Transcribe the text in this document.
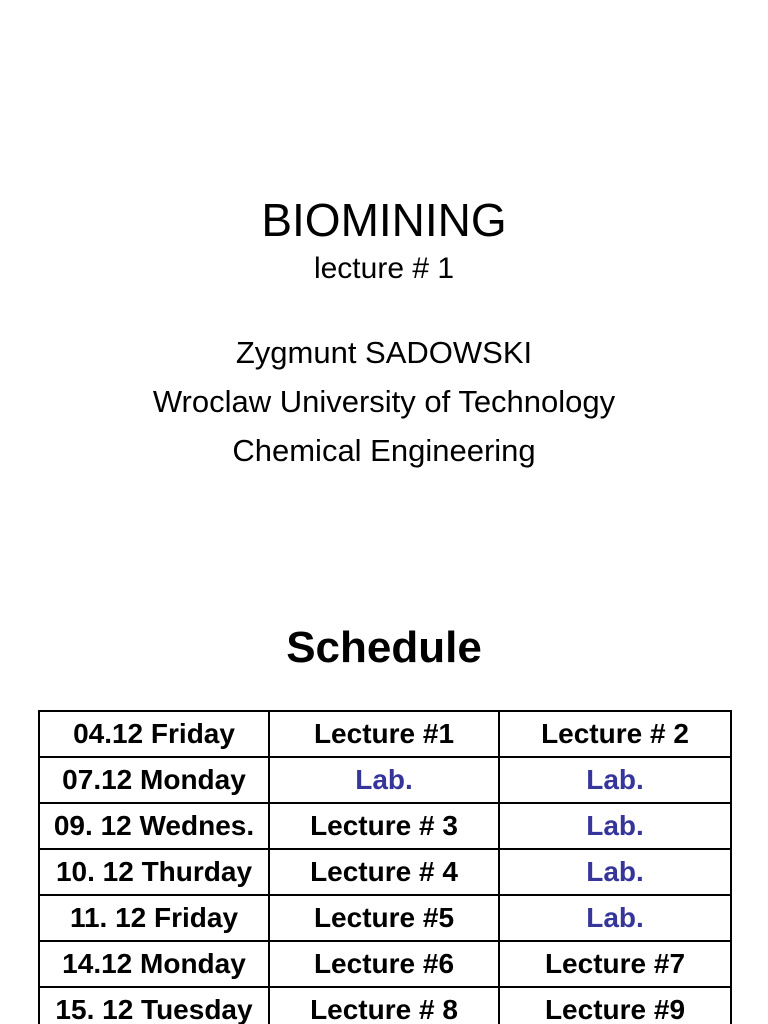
BIOMINING
lecture # 1
Zygmunt SADOWSKI
Wroclaw University of Technology
Chemical Engineering
Schedule
04.12 Friday	Lecture #1	Lecture # 2
07.12 Monday	Lab.	Lab.
09. 12 Wednes.	Lecture # 3	Lab.
10. 12 Thurday	Lecture # 4	Lab.
11. 12 Friday	Lecture #5	Lab.
14.12 Monday	Lecture #6	Lecture #7
15. 12 Tuesday	Lecture # 8	Lecture #9
